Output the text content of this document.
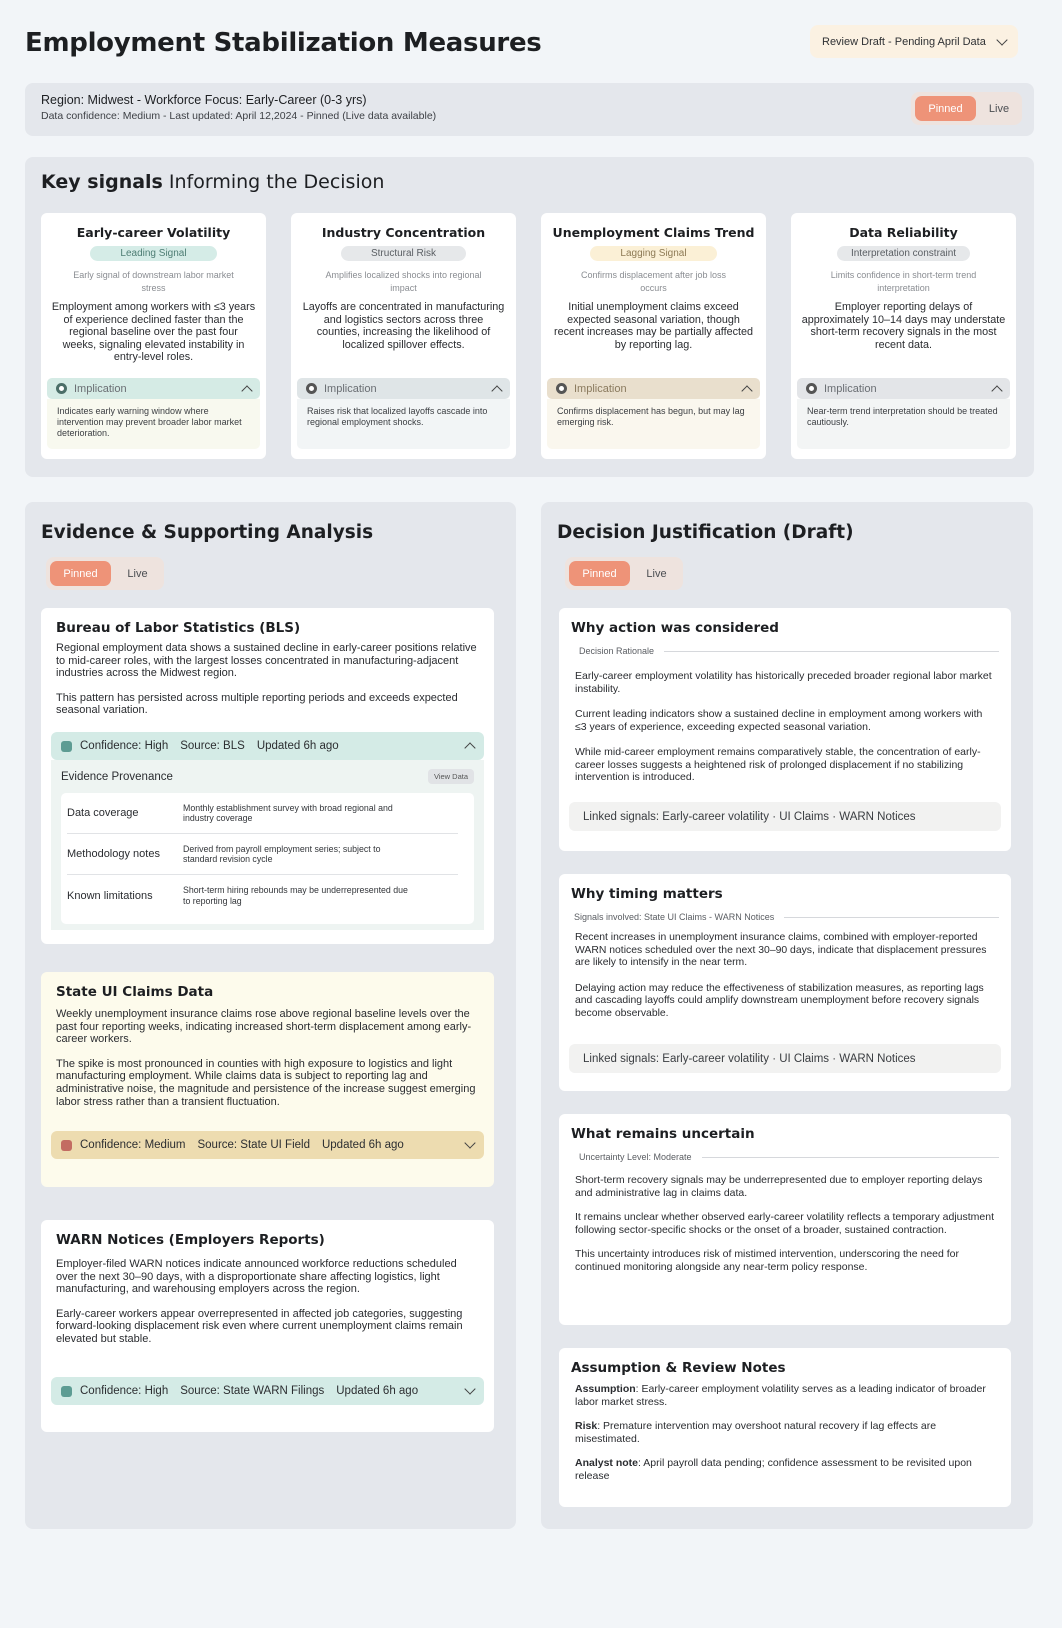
Employment Stabilization Measures	Review Draft - Pending April Data
Region: Midwest - Workforce Focus: Early-Career (0-3 yrs)
Data confidence: Medium - Last updated: April 12,2024 - Pinned (Live data available)
Pinned	Live
Key signals Informing the Decision
Early-career Volatility
Leading Signal
Early signal of downstream labor market stress
Employment among workers with ≤3 years of experience declined faster than the regional baseline over the past four weeks, signaling elevated instability in entry-level roles.
Implication
Indicates early warning window where intervention may prevent broader labor market deterioration.
Industry Concentration
Structural Risk
Amplifies localized shocks into regional impact
Layoffs are concentrated in manufacturing and logistics sectors across three counties, increasing the likelihood of localized spillover effects.
Implication
Raises risk that localized layoffs cascade into regional employment shocks.
Unemployment Claims Trend
Lagging Signal
Confirms displacement after job loss occurs
Initial unemployment claims exceed expected seasonal variation, though recent increases may be partially affected by reporting lag.
Implication
Confirms displacement has begun, but may lag emerging risk.
Data Reliability
Interpretation constraint
Limits confidence in short-term trend interpretation
Employer reporting delays of approximately 10–14 days may understate short-term recovery signals in the most recent data.
Implication
Near-term trend interpretation should be treated cautiously.
Evidence & Supporting Analysis
Pinned	Live
Bureau of Labor Statistics (BLS)

Regional employment data shows a sustained decline in early-career positions relative to mid-career roles, with the largest losses concentrated in manufacturing-adjacent industries across the Midwest region.

This pattern has persisted across multiple reporting periods and exceeds expected seasonal variation.

Confidence: High Source: BLS Updated 6h ago
Evidence Provenance	View Data
Data coverage	Monthly establishment survey with broad regional and industry coverage
Methodology notes	Derived from payroll employment series; subject to standard revision cycle
Known limitations	Short-term hiring rebounds may be underrepresented due to reporting lag
State UI Claims Data

Weekly unemployment insurance claims rose above regional baseline levels over the past four reporting weeks, indicating increased short-term displacement among early-career workers.

The spike is most pronounced in counties with high exposure to logistics and light manufacturing employment. While claims data is subject to reporting lag and administrative noise, the magnitude and persistence of the increase suggest emerging labor stress rather than a transient fluctuation.

Confidence: Medium Source: State UI Field Updated 6h ago
WARN Notices (Employers Reports)

Employer-filed WARN notices indicate announced workforce reductions scheduled over the next 30–90 days, with a disproportionate share affecting logistics, light manufacturing, and warehousing employers across the region.

Early-career workers appear overrepresented in affected job categories, suggesting forward-looking displacement risk even where current unemployment claims remain elevated but stable.

Confidence: High Source: State WARN Filings Updated 6h ago
Decision Justification (Draft)
Pinned	Live
Why action was considered
Decision Rationale

Early-career employment volatility has historically preceded broader regional labor market instability.

Current leading indicators show a sustained decline in employment among workers with ≤3 years of experience, exceeding expected seasonal variation.

While mid-career employment remains comparatively stable, the concentration of early-career losses suggests a heightened risk of prolonged displacement if no stabilizing intervention is introduced.

Linked signals: Early-career volatility · UI Claims · WARN Notices
Why timing matters
Signals involved: State UI Claims - WARN Notices

Recent increases in unemployment insurance claims, combined with employer-reported WARN notices scheduled over the next 30–90 days, indicate that displacement pressures are likely to intensify in the near term.

Delaying action may reduce the effectiveness of stabilization measures, as reporting lags and cascading layoffs could amplify downstream unemployment before recovery signals become observable.

Linked signals: Early-career volatility · UI Claims · WARN Notices
What remains uncertain
Uncertainty Level: Moderate

Short-term recovery signals may be underrepresented due to employer reporting delays and administrative lag in claims data.

It remains unclear whether observed early-career volatility reflects a temporary adjustment following sector-specific shocks or the onset of a broader, sustained contraction.

This uncertainty introduces risk of mistimed intervention, underscoring the need for continued monitoring alongside any near-term policy response.

Assumption & Review Notes

Assumption: Early-career employment volatility serves as a leading indicator of broader labor market stress.

Risk: Premature intervention may overshoot natural recovery if lag effects are misestimated.

Analyst note: April payroll data pending; confidence assessment to be revisited upon release
